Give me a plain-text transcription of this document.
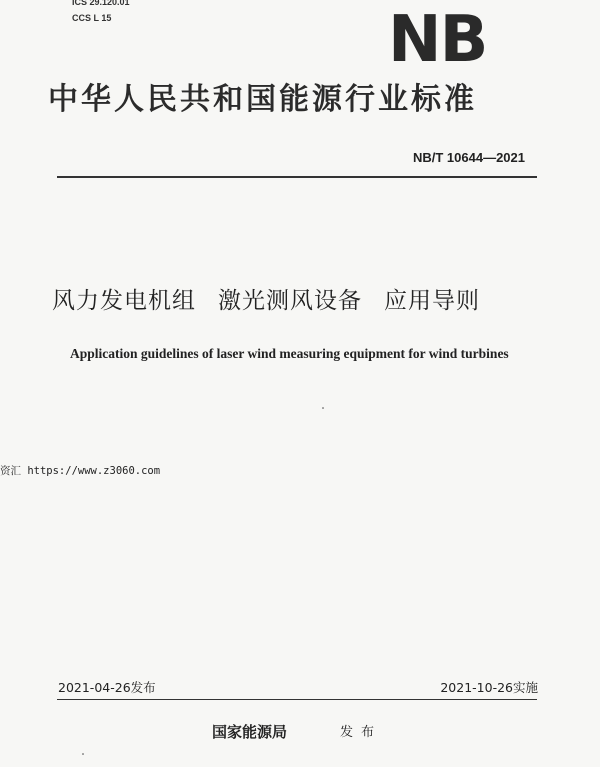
ICS 29.120.01
CCS L 15	NB
中华人民共和国能源行业标准
NB/T 10644—2021
风力发电机组 激光测风设备 应用导则
Application guidelines of laser wind measuring equipment for wind turbines
资汇 https://www.z3060.com
2021-04-26发布	2021-10-26实施
国家能源局	发布
